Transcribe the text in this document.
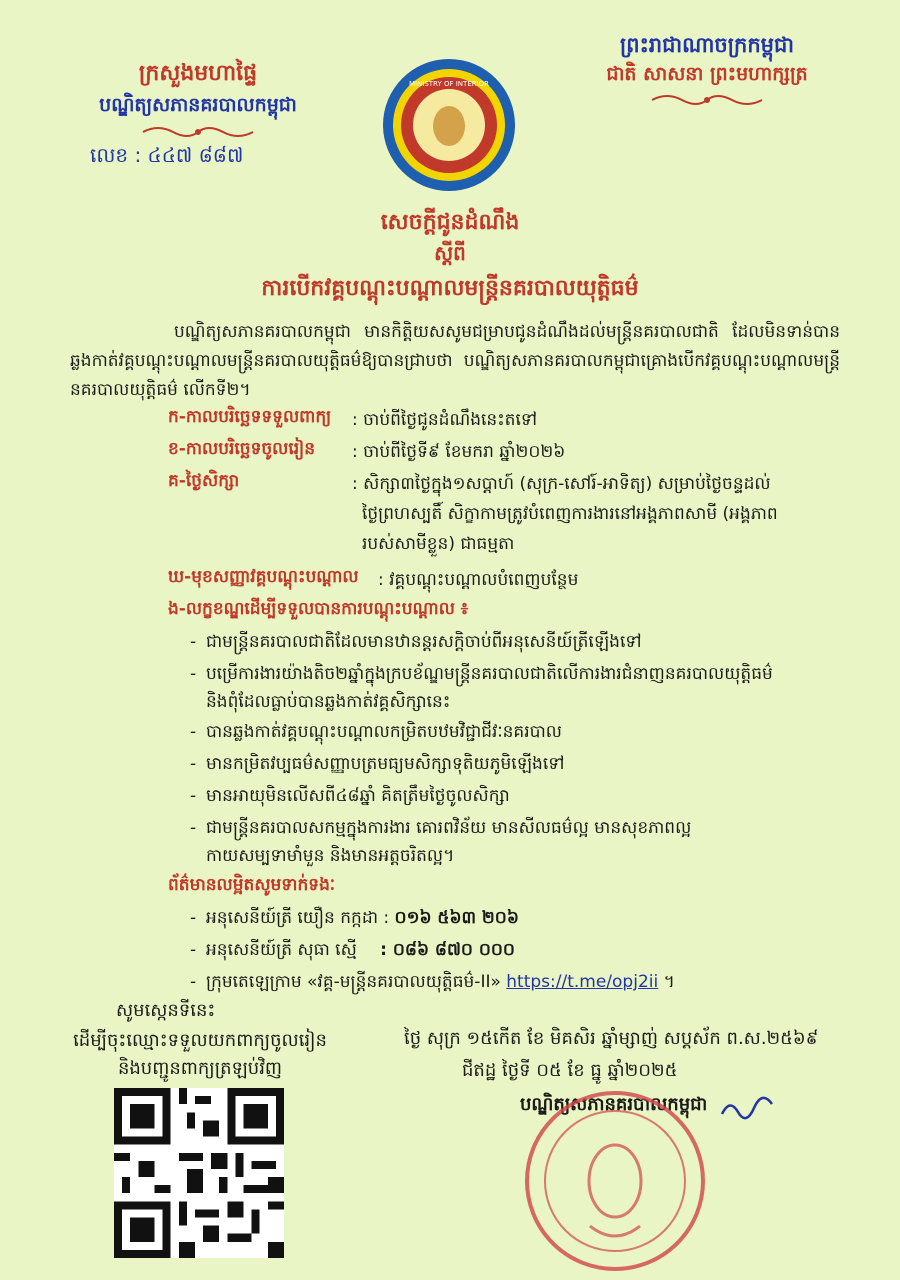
ក្រសួងមហាផ្ទៃ
បណ្ឌិត្យសភានគរបាលកម្ពុជា
លេខ : ៤៤៧ ៨៨៧
ព្រះរាជាណាចក្រកម្ពុជា
ជាតិ សាសនា ព្រះមហាក្សត្រ
MINISTRY OF INTERIOR
សេចក្តីជូនដំណឹង
ស្តីពី
ការបើកវគ្គបណ្តុះបណ្តាលមន្ត្រីនគរបាលយុត្តិធម៌
បណ្ឌិត្យសភានគរបាលកម្ពុជា មានកិត្តិយសសូមជម្រាបជូនដំណឹងដល់មន្ត្រីនគរបាលជាតិ ដែលមិនទាន់បានឆ្លងកាត់វគ្គបណ្តុះបណ្តាលមន្ត្រីនគរបាលយុត្តិធម៌ឱ្យបានជ្រាបថា បណ្ឌិត្យសភានគរបាលកម្ពុជាគ្រោងបើកវគ្គបណ្តុះបណ្តាលមន្ត្រីនគរបាលយុត្តិធម៌ លើកទី២។
ក-កាលបរិច្ឆេទទទួលពាក្យ : ចាប់ពីថ្ងៃជូនដំណឹងនេះតទៅ
ខ-កាលបរិច្ឆេទចូលរៀន : ចាប់ពីថ្ងៃទី៩ ខែមករា ឆ្នាំ២០២៦
គ-ថ្ងៃសិក្សា	: សិក្សា៣ថ្ងៃក្នុង១សប្តាហ៍ (សុក្រ-សៅរ៍-អាទិត្យ) សម្រាប់ថ្ងៃចន្ទដល់
ថ្ងៃព្រហស្បតិ៍ សិក្ខាកាមត្រូវបំពេញការងារនៅអង្គភាពសាមី (អង្គភាព
របស់សាមីខ្លួន) ជាធម្មតា
ឃ-មុខសញ្ញាវគ្គបណ្តុះបណ្តាល : វគ្គបណ្តុះបណ្តាលបំពេញបន្ថែម
ង-លក្ខខណ្ឌដើម្បីទទួលបានការបណ្តុះបណ្តាល ៖
- ជាមន្ត្រីនគរបាលជាតិដែលមានឋានន្តរសក្តិចាប់ពីអនុសេនីយ៍ត្រីឡើងទៅ
- បម្រើការងារយ៉ាងតិច២ឆ្នាំក្នុងក្របខ័ណ្ឌមន្ត្រីនគរបាលជាតិលើការងារជំនាញនគរបាលយុត្តិធម៌
និងពុំដែលធ្លាប់បានឆ្លងកាត់វគ្គសិក្សានេះ
- បានឆ្លងកាត់វគ្គបណ្តុះបណ្តាលកម្រិតបឋមវិជ្ជាជីវៈនគរបាល
- មានកម្រិតវប្បធម៌សញ្ញាបត្រមធ្យមសិក្សាទុតិយភូមិឡើងទៅ
- មានអាយុមិនលើសពី៤៨ឆ្នាំ គិតត្រឹមថ្ងៃចូលសិក្សា
- ជាមន្ត្រីនគរបាលសកម្មក្នុងការងារ គោរពវិន័យ មានសីលធម៌ល្អ មានសុខភាពល្អ
កាយសម្បទាមាំមួន និងមានអត្តចរិតល្អ។
ព័ត៌មានលម្អិតសូមទាក់ទងៈ
- អនុសេនីយ៍ត្រី យឿន កក្កដា : ០១៦ ៥៦៣ ២០៦
- អនុសេនីយ៍ត្រី សុធា ស្មើ : ០៨៦ ៨៧០ ០០០
- ក្រុមតេឡេក្រាម «វគ្គ-មន្ត្រីនគរបាលយុត្តិធម៌-II» https://t.me/opj2ii ។
សូមស្កេនទីនេះ
ដើម្បីចុះឈ្មោះទទួលយកពាក្យចូលរៀន
និងបញ្ជូនពាក្យត្រឡប់វិញ
ថ្ងៃ សុក្រ ១៥កើត ខែ មិគសិរ ឆ្នាំម្សាញ់ សប្តស័ក ព.ស.២៥៦៩
ជីឥដ្ឋ ថ្ងៃទី ០៥ ខែ ធ្នូ ឆ្នាំ២០២៥
បណ្ឌិត្យសភានគរបាលកម្ពុជា
